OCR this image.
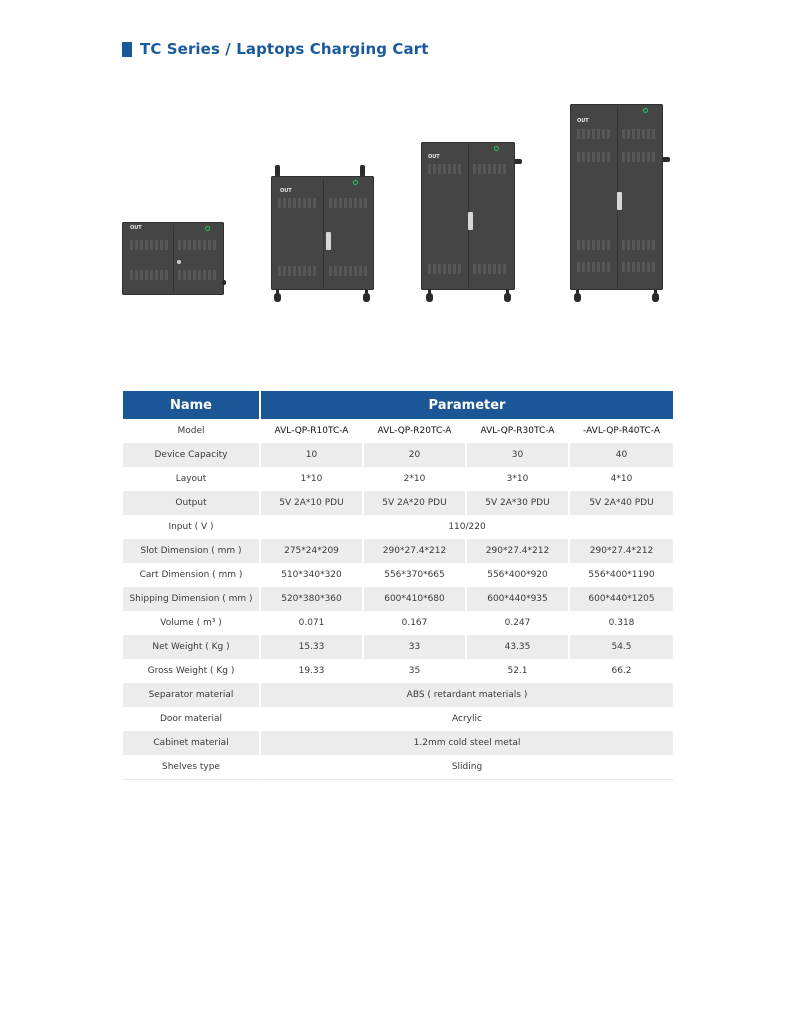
TC Series / Laptops Charging Cart
OUT
OUT
OUT
OUT
Name	Parameter			
Model	AVL-QP-R10TC-A	AVL-QP-R20TC-A	AVL-QP-R30TC-A	-AVL-QP-R40TC-A
Device Capacity	10	20	30	40
Layout	1*10	2*10	3*10	4*10
Output	5V 2A*10 PDU	5V 2A*20 PDU	5V 2A*30 PDU	5V 2A*40 PDU
Input ( V )	110/220			
Slot Dimension ( mm )	275*24*209	290*27.4*212	290*27.4*212	290*27.4*212
Cart Dimension ( mm )	510*340*320	556*370*665	556*400*920	556*400*1190
Shipping Dimension ( mm )	520*380*360	600*410*680	600*440*935	600*440*1205
Volume ( m³ )	0.071	0.167	0.247	0.318
Net Weight ( Kg )	15.33	33	43.35	54.5
Gross Weight ( Kg )	19.33	35	52.1	66.2
Separator material	ABS ( retardant materials )			
Door material	Acrylic			
Cabinet material	1.2mm cold steel metal			
Shelves type	Sliding			
